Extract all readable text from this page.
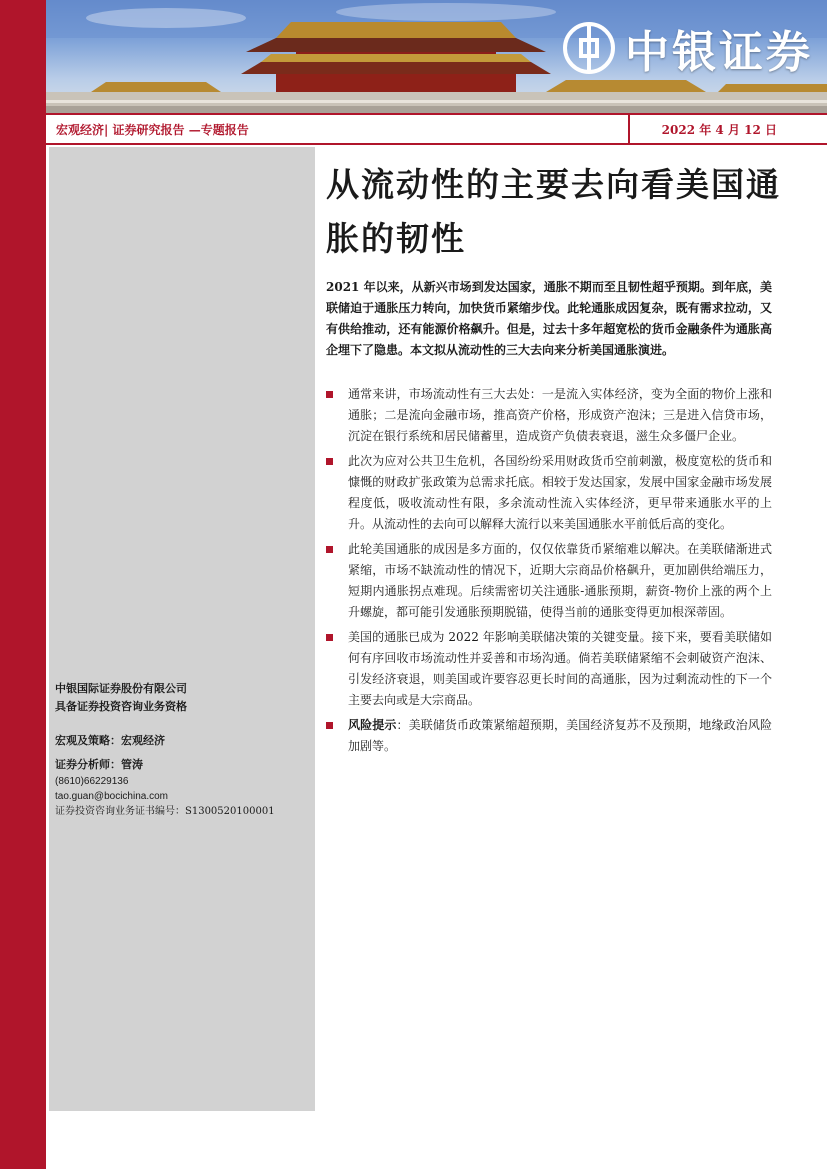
中银证券
宏观经济| 证券研究报告 —专题报告	2022 年 4 月 12 日
中银国际证券股份有限公司
具备证券投资咨询业务资格
宏观及策略：宏观经济
证券分析师：管涛
(8610)66229136
tao.guan@bocichina.com
证券投资咨询业务证书编号：S1300520100001
从流动性的主要去向看美国通胀的韧性

2021 年以来，从新兴市场到发达国家，通胀不期而至且韧性超乎预期。到年底，美联储迫于通胀压力转向，加快货币紧缩步伐。此轮通胀成因复杂，既有需求拉动，又有供给推动，还有能源价格飙升。但是，过去十多年超宽松的货币金融条件为通胀高企埋下了隐患。本文拟从流动性的三大去向来分析美国通胀演进。

通常来讲，市场流动性有三大去处：一是流入实体经济，变为全面的物价上涨和通胀；二是流向金融市场，推高资产价格，形成资产泡沫；三是进入信贷市场，沉淀在银行系统和居民储蓄里，造成资产负债表衰退，滋生众多僵尸企业。
此次为应对公共卫生危机，各国纷纷采用财政货币空前刺激，极度宽松的货币和慷慨的财政扩张政策为总需求托底。相较于发达国家，发展中国家金融市场发展程度低，吸收流动性有限，多余流动性流入实体经济，更早带来通胀水平的上升。从流动性的去向可以解释大流行以来美国通胀水平前低后高的变化。
此轮美国通胀的成因是多方面的，仅仅依靠货币紧缩难以解决。在美联储渐进式紧缩，市场不缺流动性的情况下，近期大宗商品价格飙升，更加剧供给端压力，短期内通胀拐点难现。后续需密切关注通胀-通胀预期，薪资-物价上涨的两个上升螺旋，都可能引发通胀预期脱锚，使得当前的通胀变得更加根深蒂固。
美国的通胀已成为 2022 年影响美联储决策的关键变量。接下来，要看美联储如何有序回收市场流动性并妥善和市场沟通。倘若美联储紧缩不会刺破资产泡沫、引发经济衰退，则美国或许要容忍更长时间的高通胀，因为过剩流动性的下一个主要去向或是大宗商品。
风险提示：美联储货币政策紧缩超预期，美国经济复苏不及预期，地缘政治风险加剧等。
